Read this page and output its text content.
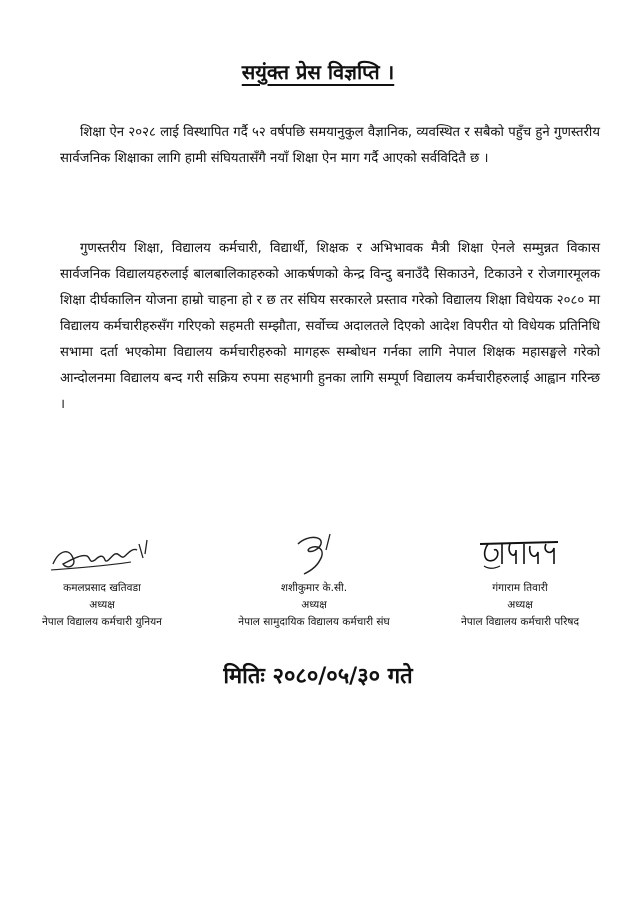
सयुंक्त प्रेस विज्ञप्ति ।

शिक्षा ऐन २०२८ लाई विस्थापित गर्दै ५२ वर्षपछि समयानुकुल वैज्ञानिक, व्यवस्थित र सबैको पहुँच हुने गुणस्तरीय सार्वजनिक शिक्षाका लागि हामी संघियतासँगै नयाँ शिक्षा ऐन माग गर्दै आएको सर्वविदितै छ ।

गुणस्तरीय शिक्षा, विद्यालय कर्मचारी, विद्यार्थी, शिक्षक र अभिभावक मैत्री शिक्षा ऐनले सम्मुन्नत विकास सार्वजनिक विद्यालयहरुलाई बालबालिकाहरुको आकर्षणको केन्द्र विन्दु बनाउँदै सिकाउने, टिकाउने र रोजगारमूलक शिक्षा दीर्घकालिन योजना हाम्रो चाहना हो र छ तर संघिय सरकारले प्रस्ताव गरेको विद्यालय शिक्षा विधेयक २०८० मा विद्यालय कर्मचारीहरुसँग गरिएको सहमती सम्झौता, सर्वोच्च अदालतले दिएको आदेश विपरीत यो विधेयक प्रतिनिधि सभामा दर्ता भएकोमा विद्यालय कर्मचारीहरुको मागहरू सम्बोधन गर्नका लागि नेपाल शिक्षक महासङ्घले गरेको आन्दोलनमा विद्यालय बन्द गरी सक्रिय रुपमा सहभागी हुनका लागि सम्पूर्ण विद्यालय कर्मचारीहरुलाई आह्वान गरिन्छ ।

कमलप्रसाद खतिवडा
अध्यक्ष
नेपाल विद्यालय कर्मचारी युनियन
शशीकुमार के.सी.
अध्यक्ष
नेपाल सामुदायिक विद्यालय कर्मचारी संघ
गंगाराम तिवारी
अध्यक्ष
नेपाल विद्यालय कर्मचारी परिषद
मितिः २०८०/०५/३० गते
